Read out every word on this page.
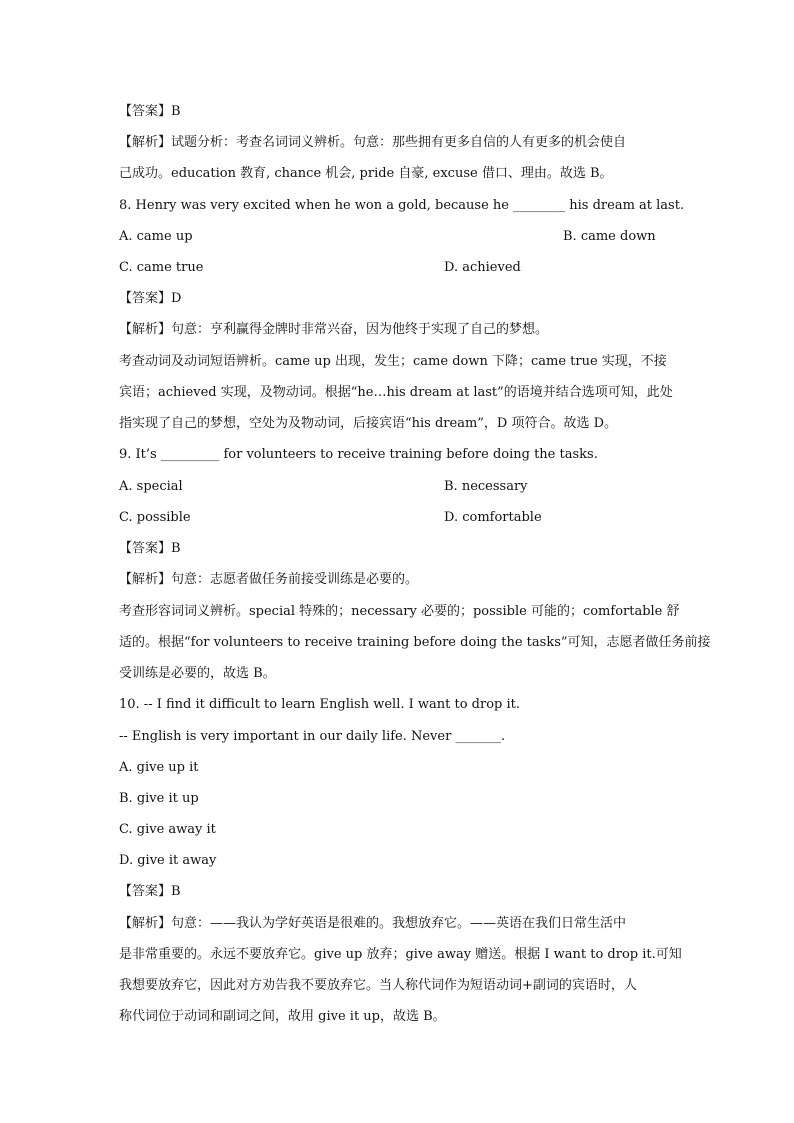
【答案】B
【解析】试题分析：考查名词词义辨析。句意：那些拥有更多自信的人有更多的机会使自
己成功。education 教育, chance 机会, pride 自豪, excuse 借口、理由。故选 B。
8. Henry was very excited when he won a gold, because he ________ his dream at last.
A. came up	B. came down
C. came true	D. achieved
【答案】D
【解析】句意：亨利赢得金牌时非常兴奋，因为他终于实现了自己的梦想。
考查动词及动词短语辨析。came up 出现，发生；came down 下降；came true 实现，不接
宾语；achieved 实现，及物动词。根据“he…his dream at last”的语境并结合选项可知，此处
指实现了自己的梦想，空处为及物动词，后接宾语“his dream”，D 项符合。故选 D。
9. It’s _________ for volunteers to receive training before doing the tasks.
A. special	B. necessary
C. possible	D. comfortable
【答案】B
【解析】句意：志愿者做任务前接受训练是必要的。
考查形容词词义辨析。special 特殊的；necessary 必要的；possible 可能的；comfortable 舒
适的。根据“for volunteers to receive training before doing the tasks”可知，志愿者做任务前接
受训练是必要的，故选 B。
10. -- I find it difficult to learn English well. I want to drop it.
-- English is very important in our daily life. Never _______.
A. give up it
B. give it up
C. give away it
D. give it away
【答案】B
【解析】句意：——我认为学好英语是很难的。我想放弃它。——英语在我们日常生活中
是非常重要的。永远不要放弃它。give up 放弃；give away 赠送。根据 I want to drop it.可知
我想要放弃它，因此对方劝告我不要放弃它。当人称代词作为短语动词+副词的宾语时，人
称代词位于动词和副词之间，故用 give it up，故选 B。
